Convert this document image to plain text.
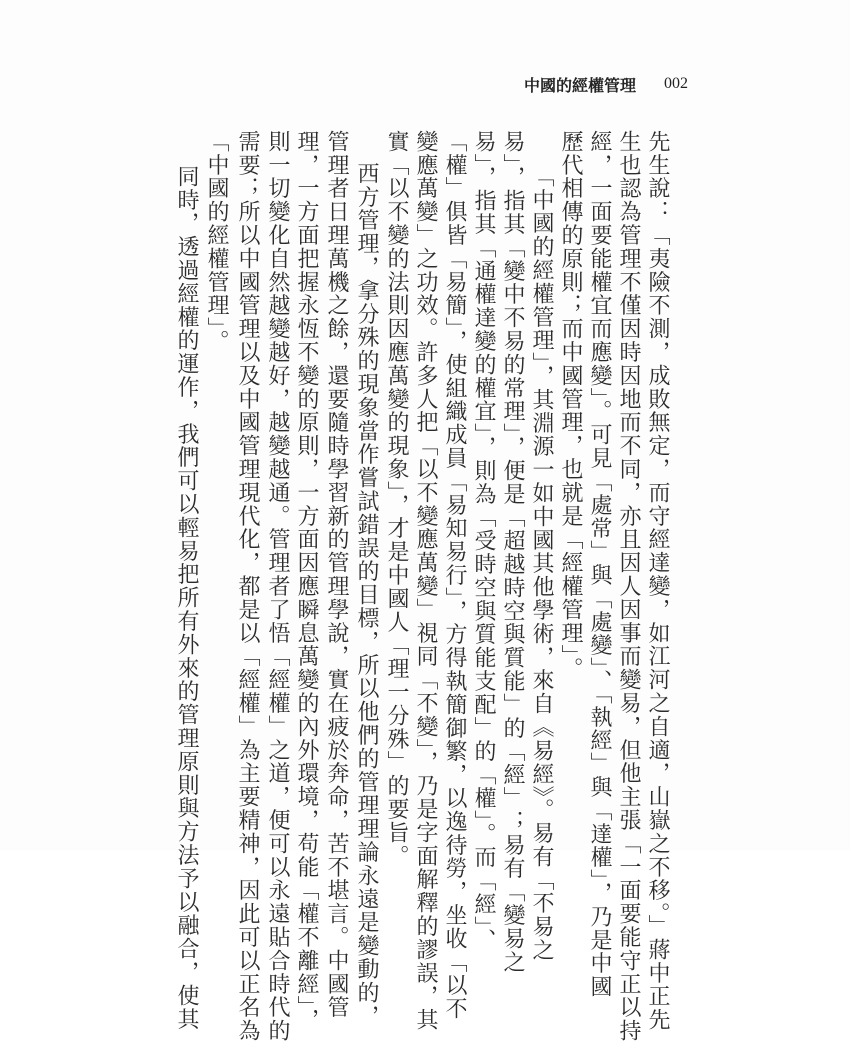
中國的經權管理 002
先生說：「夷險不測，成敗無定，而守經達變，如江河之自適，山嶽之不移。」蔣中正先
生也認為管理不僅因時因地而不同，亦且因人因事而變易，但他主張「一面要能守正以持
經，一面要能權宜而應變」。可見「處常」與「處變」、「執經」與「達權」，乃是中國
歷代相傳的原則；而中國管理，也就是「經權管理」。
「中國的經權管理」，其淵源一如中國其他學術，來自《易經》。易有「不易之
易」，指其「變中不易的常理」，便是「超越時空與質能」的「經」；易有「變易之
易」，指其「通權達變的權宜」，則為「受時空與質能支配」的「權」。而「經」、
「權」俱皆「易簡」，使組織成員「易知易行」，方得執簡御繁，以逸待勞，坐收「以不
變應萬變」之功效。許多人把「以不變應萬變」視同「不變」，乃是字面解釋的謬誤，其
實「以不變的法則因應萬變的現象」，才是中國人「理一分殊」的要旨。
西方管理，拿分殊的現象當作嘗試錯誤的目標，所以他們的管理理論永遠是變動的，
管理者日理萬機之餘，還要隨時學習新的管理學說，實在疲於奔命，苦不堪言。中國管
理，一方面把握永恆不變的原則，一方面因應瞬息萬變的內外環境，苟能「權不離經」，
則一切變化自然越變越好，越變越通。管理者了悟「經權」之道，便可以永遠貼合時代的
需要；所以中國管理以及中國管理現代化，都是以「經權」為主要精神，因此可以正名為
「中國的經權管理」。
同時，透過經權的運作，我們可以輕易把所有外來的管理原則與方法予以融合，使其
